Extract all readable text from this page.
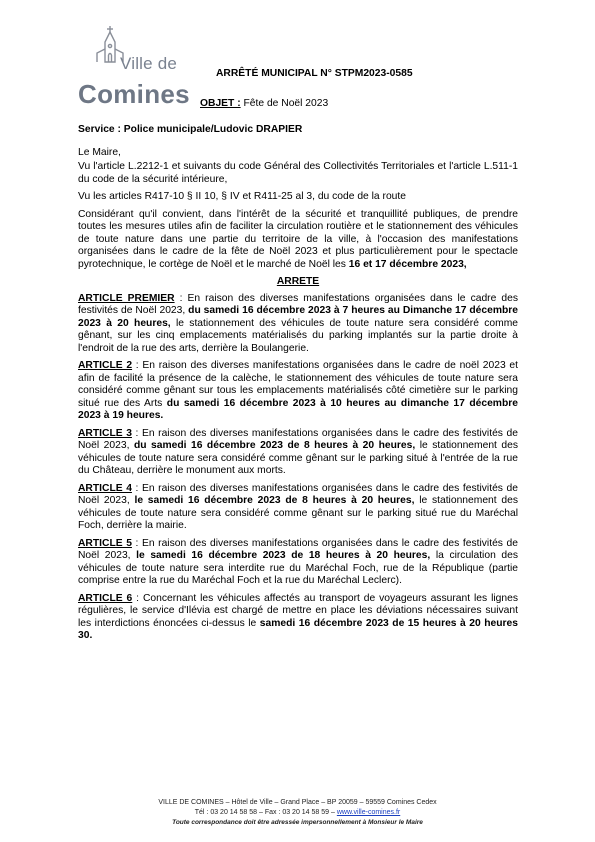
Ville de
Comines
ARRÊTÉ MUNICIPAL N° STPM2023-0585
OBJET : Fête de Noël 2023

Service : Police municipale/Ludovic DRAPIER

Le Maire,

Vu l'article L.2212-1 et suivants du code Général des Collectivités Territoriales et l'article L.511-1 du code de la sécurité intérieure,

Vu les articles R417-10 § II 10, § IV et R411-25 al 3, du code de la route

Considérant qu'il convient, dans l'intérêt de la sécurité et tranquillité publiques, de prendre toutes les mesures utiles afin de faciliter la circulation routière et le stationnement des véhicules de toute nature dans une partie du territoire de la ville, à l'occasion des manifestations organisées dans le cadre de la fête de Noël 2023 et plus particulièrement pour le spectacle pyrotechnique, le cortège de Noël et le marché de Noël les 16 et 17 décembre 2023,

ARRETE

ARTICLE PREMIER : En raison des diverses manifestations organisées dans le cadre des festivités de Noël 2023, du samedi 16 décembre 2023 à 7 heures au Dimanche 17 décembre 2023 à 20 heures, le stationnement des véhicules de toute nature sera considéré comme gênant, sur les cinq emplacements matérialisés du parking implantés sur la partie droite à l'endroit de la rue des arts, derrière la Boulangerie.

ARTICLE 2 : En raison des diverses manifestations organisées dans le cadre de noël 2023 et afin de facilité la présence de la calèche, le stationnement des véhicules de toute nature sera considéré comme gênant sur tous les emplacements matérialisés côté cimetière sur le parking situé rue des Arts du samedi 16 décembre 2023 à 10 heures au dimanche 17 décembre 2023 à 19 heures.

ARTICLE 3 : En raison des diverses manifestations organisées dans le cadre des festivités de Noël 2023, du samedi 16 décembre 2023 de 8 heures à 20 heures, le stationnement des véhicules de toute nature sera considéré comme gênant sur le parking situé à l'entrée de la rue du Château, derrière le monument aux morts.

ARTICLE 4 : En raison des diverses manifestations organisées dans le cadre des festivités de Noël 2023, le samedi 16 décembre 2023 de 8 heures à 20 heures, le stationnement des véhicules de toute nature sera considéré comme gênant sur le parking situé rue du Maréchal Foch, derrière la mairie.

ARTICLE 5 : En raison des diverses manifestations organisées dans le cadre des festivités de Noël 2023, le samedi 16 décembre 2023 de 18 heures à 20 heures, la circulation des véhicules de toute nature sera interdite rue du Maréchal Foch, rue de la République (partie comprise entre la rue du Maréchal Foch et la rue du Maréchal Leclerc).

ARTICLE 6 : Concernant les véhicules affectés au transport de voyageurs assurant les lignes régulières, le service d'Iléviа est chargé de mettre en place les déviations nécessaires suivant les interdictions énoncées ci-dessus le samedi 16 décembre 2023 de 15 heures à 20 heures 30.

VILLE DE COMINES – Hôtel de Ville – Grand Place – BP 20059 – 59559 Comines Cedex
Tél : 03 20 14 58 58 – Fax : 03 20 14 58 59 – www.ville-comines.fr
Toute correspondance doit être adressée impersonnellement à Monsieur le Maire
